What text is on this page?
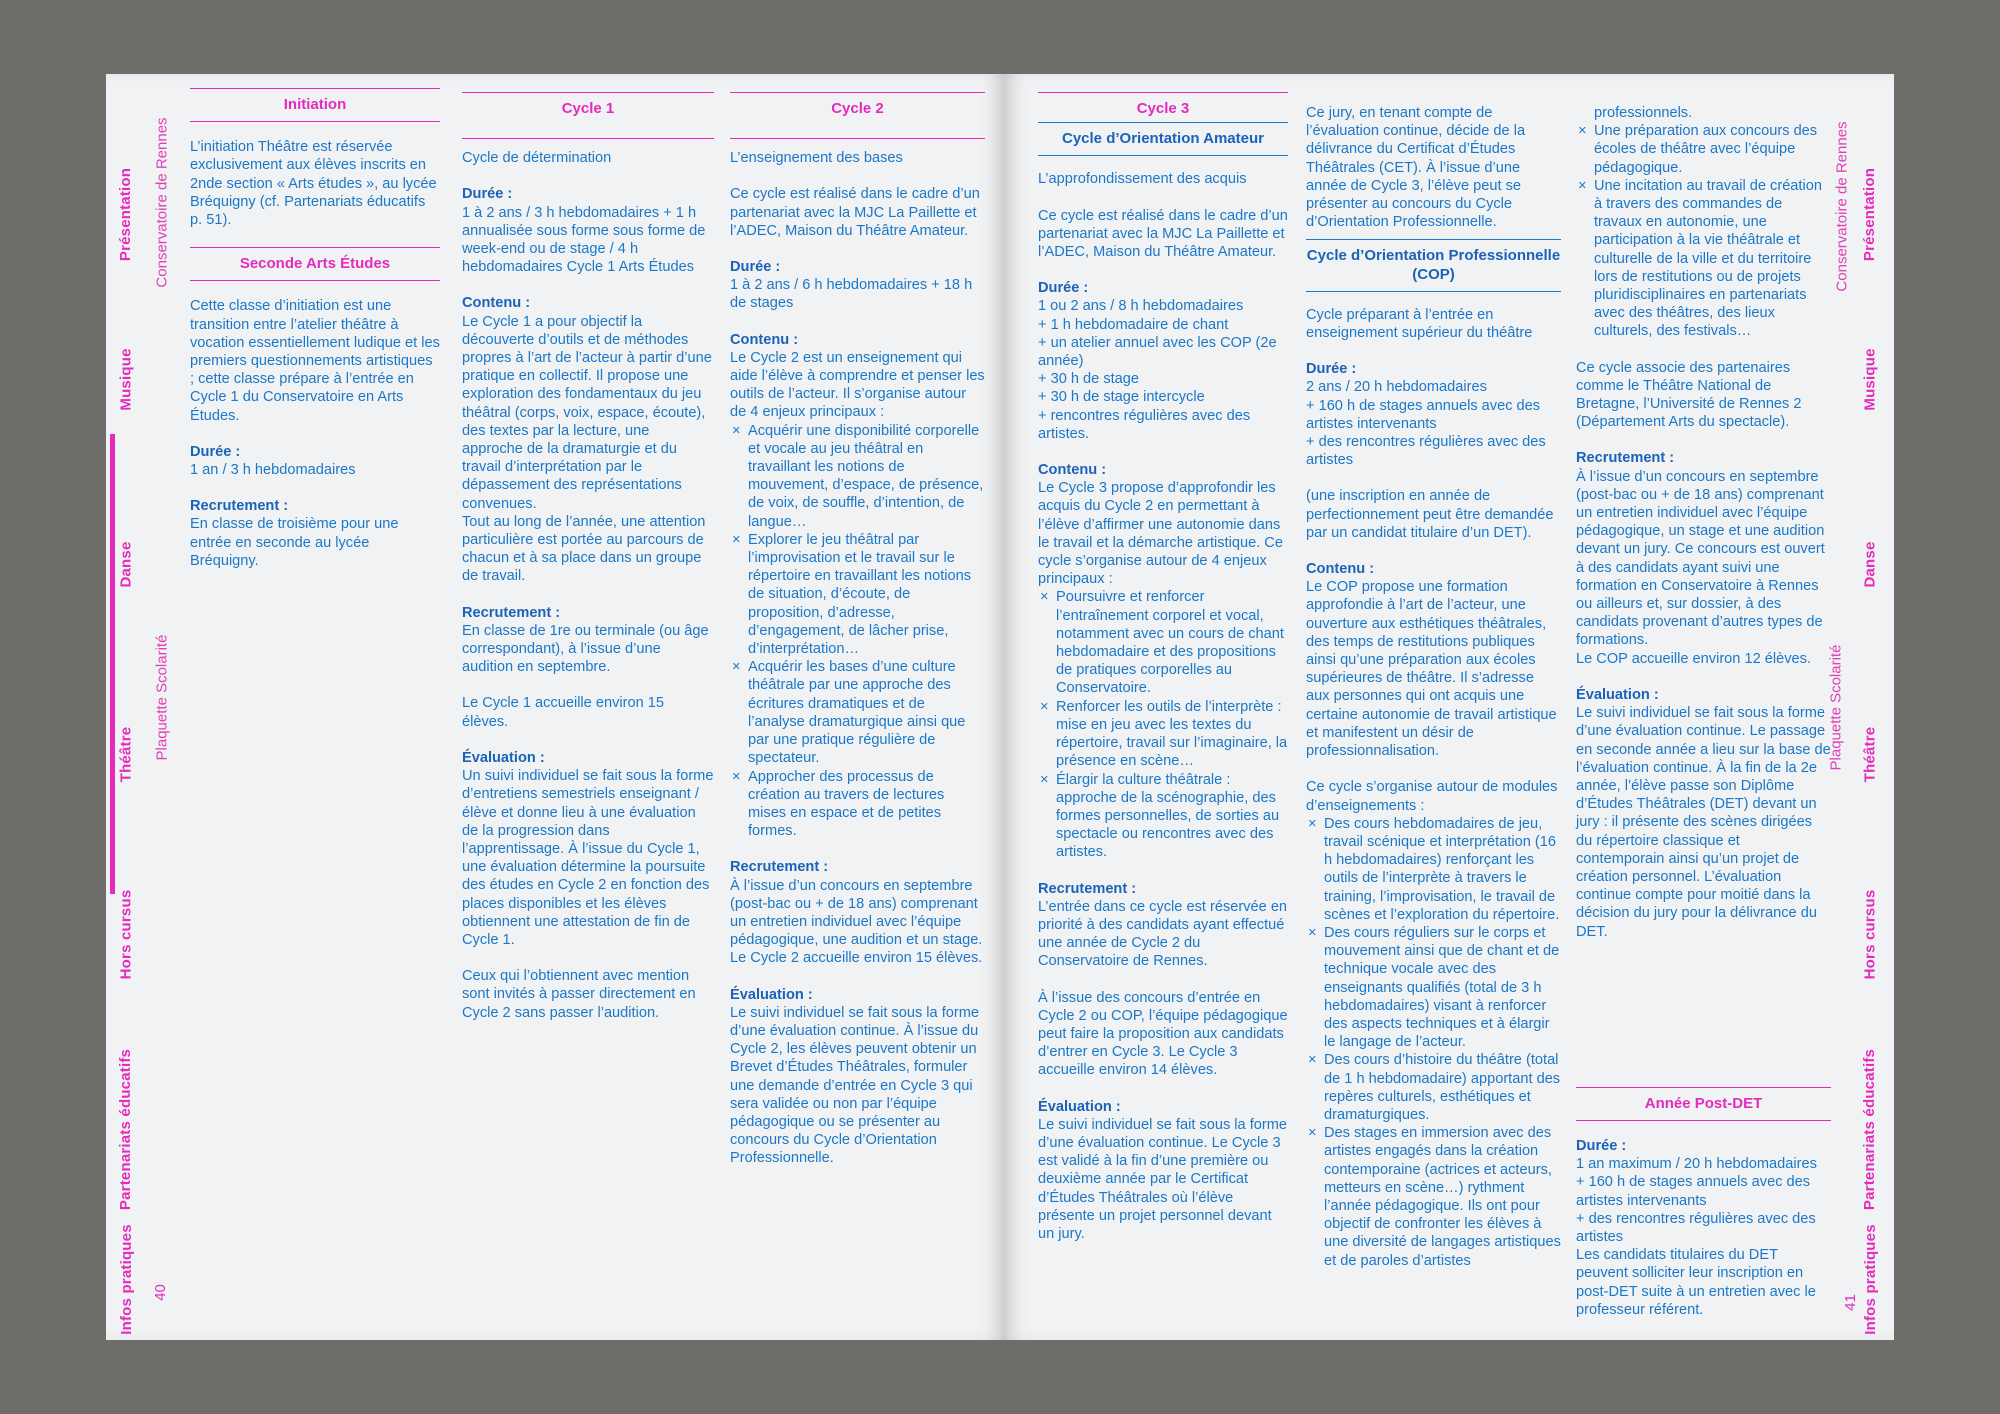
Présentation
Musique
Danse
Théâtre
Hors cursus
Partenariats éducatifs
Infos pratiques
Conservatoire de Rennes
Plaquette Scolarité
40
Initiation

L’initiation Théâtre est réservée exclusivement aux élèves inscrits en 2nde section « Arts études », au lycée Bréquigny (cf. Partenariats éducatifs p. 51).

Seconde Arts Études

Cette classe d’initiation est une transition entre l’atelier théâtre à vocation essentiellement ludique et les premiers questionnements artistiques ; cette classe prépare à l’entrée en Cycle 1 du Conservatoire en Arts Études.

Durée :

1 an / 3 h hebdomadaires

Recrutement :

En classe de troisième pour une entrée en seconde au lycée Bréquigny.

Cycle 1
Cycle de détermination
Durée :

1 à 2 ans / 3 h hebdomadaires + 1 h annualisée sous forme sous forme de week-end ou de stage / 4 h hebdomadaires Cycle 1 Arts Études

Contenu :
Le Cycle 1 a pour objectif la découverte d’outils et de méthodes propres à l’art de l’acteur à partir d’une pratique en collectif. Il propose une exploration des fondamentaux du jeu théâtral (corps, voix, espace, écoute), des textes par la lecture, une approche de la dramaturgie et du travail d’interprétation par le dépassement des représentations convenues.

Tout au long de l’année, une attention particulière est portée au parcours de chacun et à sa place dans un groupe de travail.

Recrutement :

En classe de 1re ou terminale (ou âge correspondant), à l’issue d’une audition en septembre.

Le Cycle 1 accueille environ 15 élèves.

Évaluation :

Un suivi individuel se fait sous la forme d’entretiens semestriels enseignant / élève et donne lieu à une évaluation de la progression dans l’apprentissage. À l’issue du Cycle 1, une évaluation détermine la poursuite des études en Cycle 2 en fonction des places disponibles et les élèves obtiennent une attestation de fin de Cycle 1.

Ceux qui l’obtiennent avec mention sont invités à passer directement en Cycle 2 sans passer l’audition.

Cycle 2
L’enseignement des bases

Ce cycle est réalisé dans le cadre d’un partenariat avec la MJC La Paillette et l’ADEC, Maison du Théâtre Amateur.

Durée :

1 à 2 ans / 6 h hebdomadaires + 18 h de stages

Contenu :
Le Cycle 2 est un enseignement qui aide l’élève à comprendre et penser les outils de l’acteur. Il s’organise autour de 4 enjeux principaux :
× Acquérir une disponibilité corporelle et vocale au jeu théâtral en travaillant les notions de mouvement, d’espace, de présence, de voix, de souffle, d’intention, de langue…
× Explorer le jeu théâtral par l’improvisation et le travail sur le répertoire en travaillant les notions de situation, d’écoute, de proposition, d’adresse, d’engagement, de lâcher prise, d’interprétation…
× Acquérir les bases d’une culture théâtrale par une approche des écritures dramatiques et de l’analyse dramaturgique ainsi que par une pratique régulière de spectateur.
× Approcher des processus de création au travers de lectures mises en espace et de petites formes.
Recrutement :

À l’issue d’un concours en septembre (post-bac ou + de 18 ans) comprenant un entretien individuel avec l’équipe pédagogique, une audition et un stage. Le Cycle 2 accueille environ 15 élèves.

Évaluation :

Le suivi individuel se fait sous la forme d’une évaluation continue. À l’issue du Cycle 2, les élèves peuvent obtenir un Brevet d’Études Théâtrales, formuler une demande d’entrée en Cycle 3 qui sera validée ou non par l’équipe pédagogique ou se présenter au concours du Cycle d’Orientation Professionnelle.

Cycle 3
Cycle d’Orientation Amateur

L’approfondissement des acquis

Ce cycle est réalisé dans le cadre d’un partenariat avec la MJC La Paillette et l’ADEC, Maison du Théâtre Amateur.

Durée :
1 ou 2 ans / 8 h hebdomadaires
+ 1 h hebdomadaire de chant
+ un atelier annuel avec les COP (2e année)
+ 30 h de stage
+ 30 h de stage intercycle

+ rencontres régulières avec des artistes.

Contenu :
Le Cycle 3 propose d’approfondir les acquis du Cycle 2 en permettant à l’élève d’affirmer une autonomie dans le travail et la démarche artistique. Ce cycle s’organise autour de 4 enjeux principaux :
× Poursuivre et renforcer l’entraînement corporel et vocal, notamment avec un cours de chant hebdomadaire et des propositions de pratiques corporelles au Conservatoire.
× Renforcer les outils de l’interprète : mise en jeu avec les textes du répertoire, travail sur l’imaginaire, la présence en scène…
× Élargir la culture théâtrale : approche de la scénographie, des formes personnelles, de sorties au spectacle ou rencontres avec des artistes.
Recrutement :

L’entrée dans ce cycle est réservée en priorité à des candidats ayant effectué une année de Cycle 2 du Conservatoire de Rennes.

À l’issue des concours d’entrée en Cycle 2 ou COP, l’équipe pédagogique peut faire la proposition aux candidats d’entrer en Cycle 3. Le Cycle 3 accueille environ 14 élèves.

Évaluation :

Le suivi individuel se fait sous la forme d’une évaluation continue. Le Cycle 3 est validé à la fin d’une première ou deuxième année par le Certificat d’Études Théâtrales où l’élève présente un projet personnel devant un jury.

Ce jury, en tenant compte de l’évaluation continue, décide de la délivrance du Certificat d’Études Théâtrales (CET). À l’issue d’une année de Cycle 3, l’élève peut se présenter au concours du Cycle d’Orientation Professionnelle.

Cycle d’Orientation Professionnelle (COP)

Cycle préparant à l’entrée en enseignement supérieur du théâtre

Durée :
2 ans / 20 h hebdomadaires
+ 160 h de stages annuels avec des artistes intervenants

+ des rencontres régulières avec des artistes

(une inscription en année de perfectionnement peut être demandée par un candidat titulaire d’un DET).

Contenu :

Le COP propose une formation approfondie à l’art de l’acteur, une ouverture aux esthétiques théâtrales, des temps de restitutions publiques ainsi qu’une préparation aux écoles supérieures de théâtre. Il s’adresse aux personnes qui ont acquis une certaine autonomie de travail artistique et manifestent un désir de professionnalisation.

Ce cycle s’organise autour de modules d’enseignements :
× Des cours hebdomadaires de jeu, travail scénique et interprétation (16 h hebdomadaires) renforçant les outils de l’interprète à travers le training, l’improvisation, le travail de scènes et l’exploration du répertoire.
× Des cours réguliers sur le corps et mouvement ainsi que de chant et de technique vocale avec des enseignants qualifiés (total de 3 h hebdomadaires) visant à renforcer des aspects techniques et à élargir le langage de l’acteur.
× Des cours d’histoire du théâtre (total de 1 h hebdomadaire) apportant des repères culturels, esthétiques et dramaturgiques.
× Des stages en immersion avec des artistes engagés dans la création contemporaine (actrices et acteurs, metteurs en scène…) rythment l’année pédagogique. Ils ont pour objectif de confronter les élèves à une diversité de langages artistiques et de paroles d’artistes
professionnels.
× Une préparation aux concours des écoles de théâtre avec l’équipe pédagogique.
× Une incitation au travail de création à travers des commandes de travaux en autonomie, une participation à la vie théâtrale et culturelle de la ville et du territoire lors de restitutions ou de projets pluridisciplinaires en partenariats avec des théâtres, des lieux culturels, des festivals…

Ce cycle associe des partenaires comme le Théâtre National de Bretagne, l’Université de Rennes 2 (Département Arts du spectacle).

Recrutement :
À l’issue d’un concours en septembre (post-bac ou + de 18 ans) comprenant un entretien individuel avec l’équipe pédagogique, un stage et une audition devant un jury. Ce concours est ouvert à des candidats ayant suivi une formation en Conservatoire à Rennes ou ailleurs et, sur dossier, à des candidats provenant d’autres types de formations.

Le COP accueille environ 12 élèves.

Évaluation :

Le suivi individuel se fait sous la forme d’une évaluation continue. Le passage en seconde année a lieu sur la base de l’évaluation continue. À la fin de la 2e année, l’élève passe son Diplôme d’Études Théâtrales (DET) devant un jury : il présente des scènes dirigées du répertoire classique et contemporain ainsi qu’un projet de création personnel. L’évaluation continue compte pour moitié dans la décision du jury pour la délivrance du DET.

Année Post-DET
Durée :
1 an maximum / 20 h hebdomadaires
+ 160 h de stages annuels avec des artistes intervenants
+ des rencontres régulières avec des artistes
Les candidats titulaires du DET peuvent solliciter leur inscription en post-DET suite à un entretien avec le professeur référent.
Présentation
Musique
Danse
Théâtre
Hors cursus
Partenariats éducatifs
Infos pratiques
Conservatoire de Rennes
Plaquette Scolarité
41
